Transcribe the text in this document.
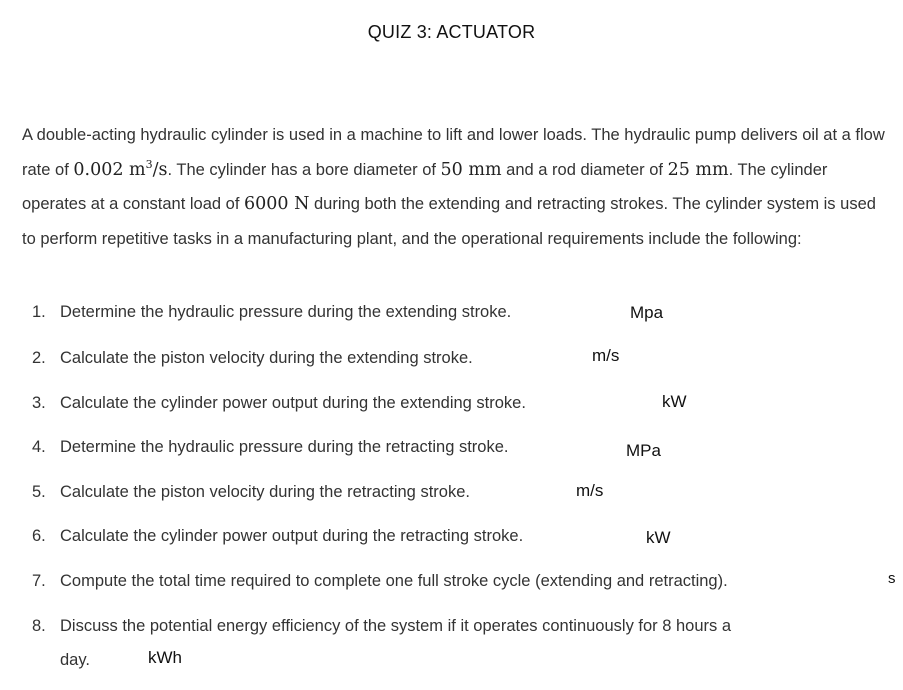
QUIZ 3: ACTUATOR
A double-acting hydraulic cylinder is used in a machine to lift and lower loads. The hydraulic pump delivers oil at a flow rate of 0.002 $m^3/s$. The cylinder has a bore diameter of 50 mm and a rod diameter of 25 mm. The cylinder operates at a constant load of 6000 N during both the extending and retracting strokes. The cylinder system is used to perform repetitive tasks in a manufacturing plant, and the operational requirements include the following:
1. Determine the hydraulic pressure during the extending stroke.	Mpa
2. Calculate the piston velocity during the extending stroke.	m/s
3. Calculate the cylinder power output during the extending stroke.	kW
4. Determine the hydraulic pressure during the retracting stroke.	MPa
5. Calculate the piston velocity during the retracting stroke.	m/s
6. Calculate the cylinder power output during the retracting stroke.	kW
7. Compute the total time required to complete one full stroke cycle (extending and retracting).	s
8. Discuss the potential energy efficiency of the system if it operates continuously for 8 hours a
day.	kWh
